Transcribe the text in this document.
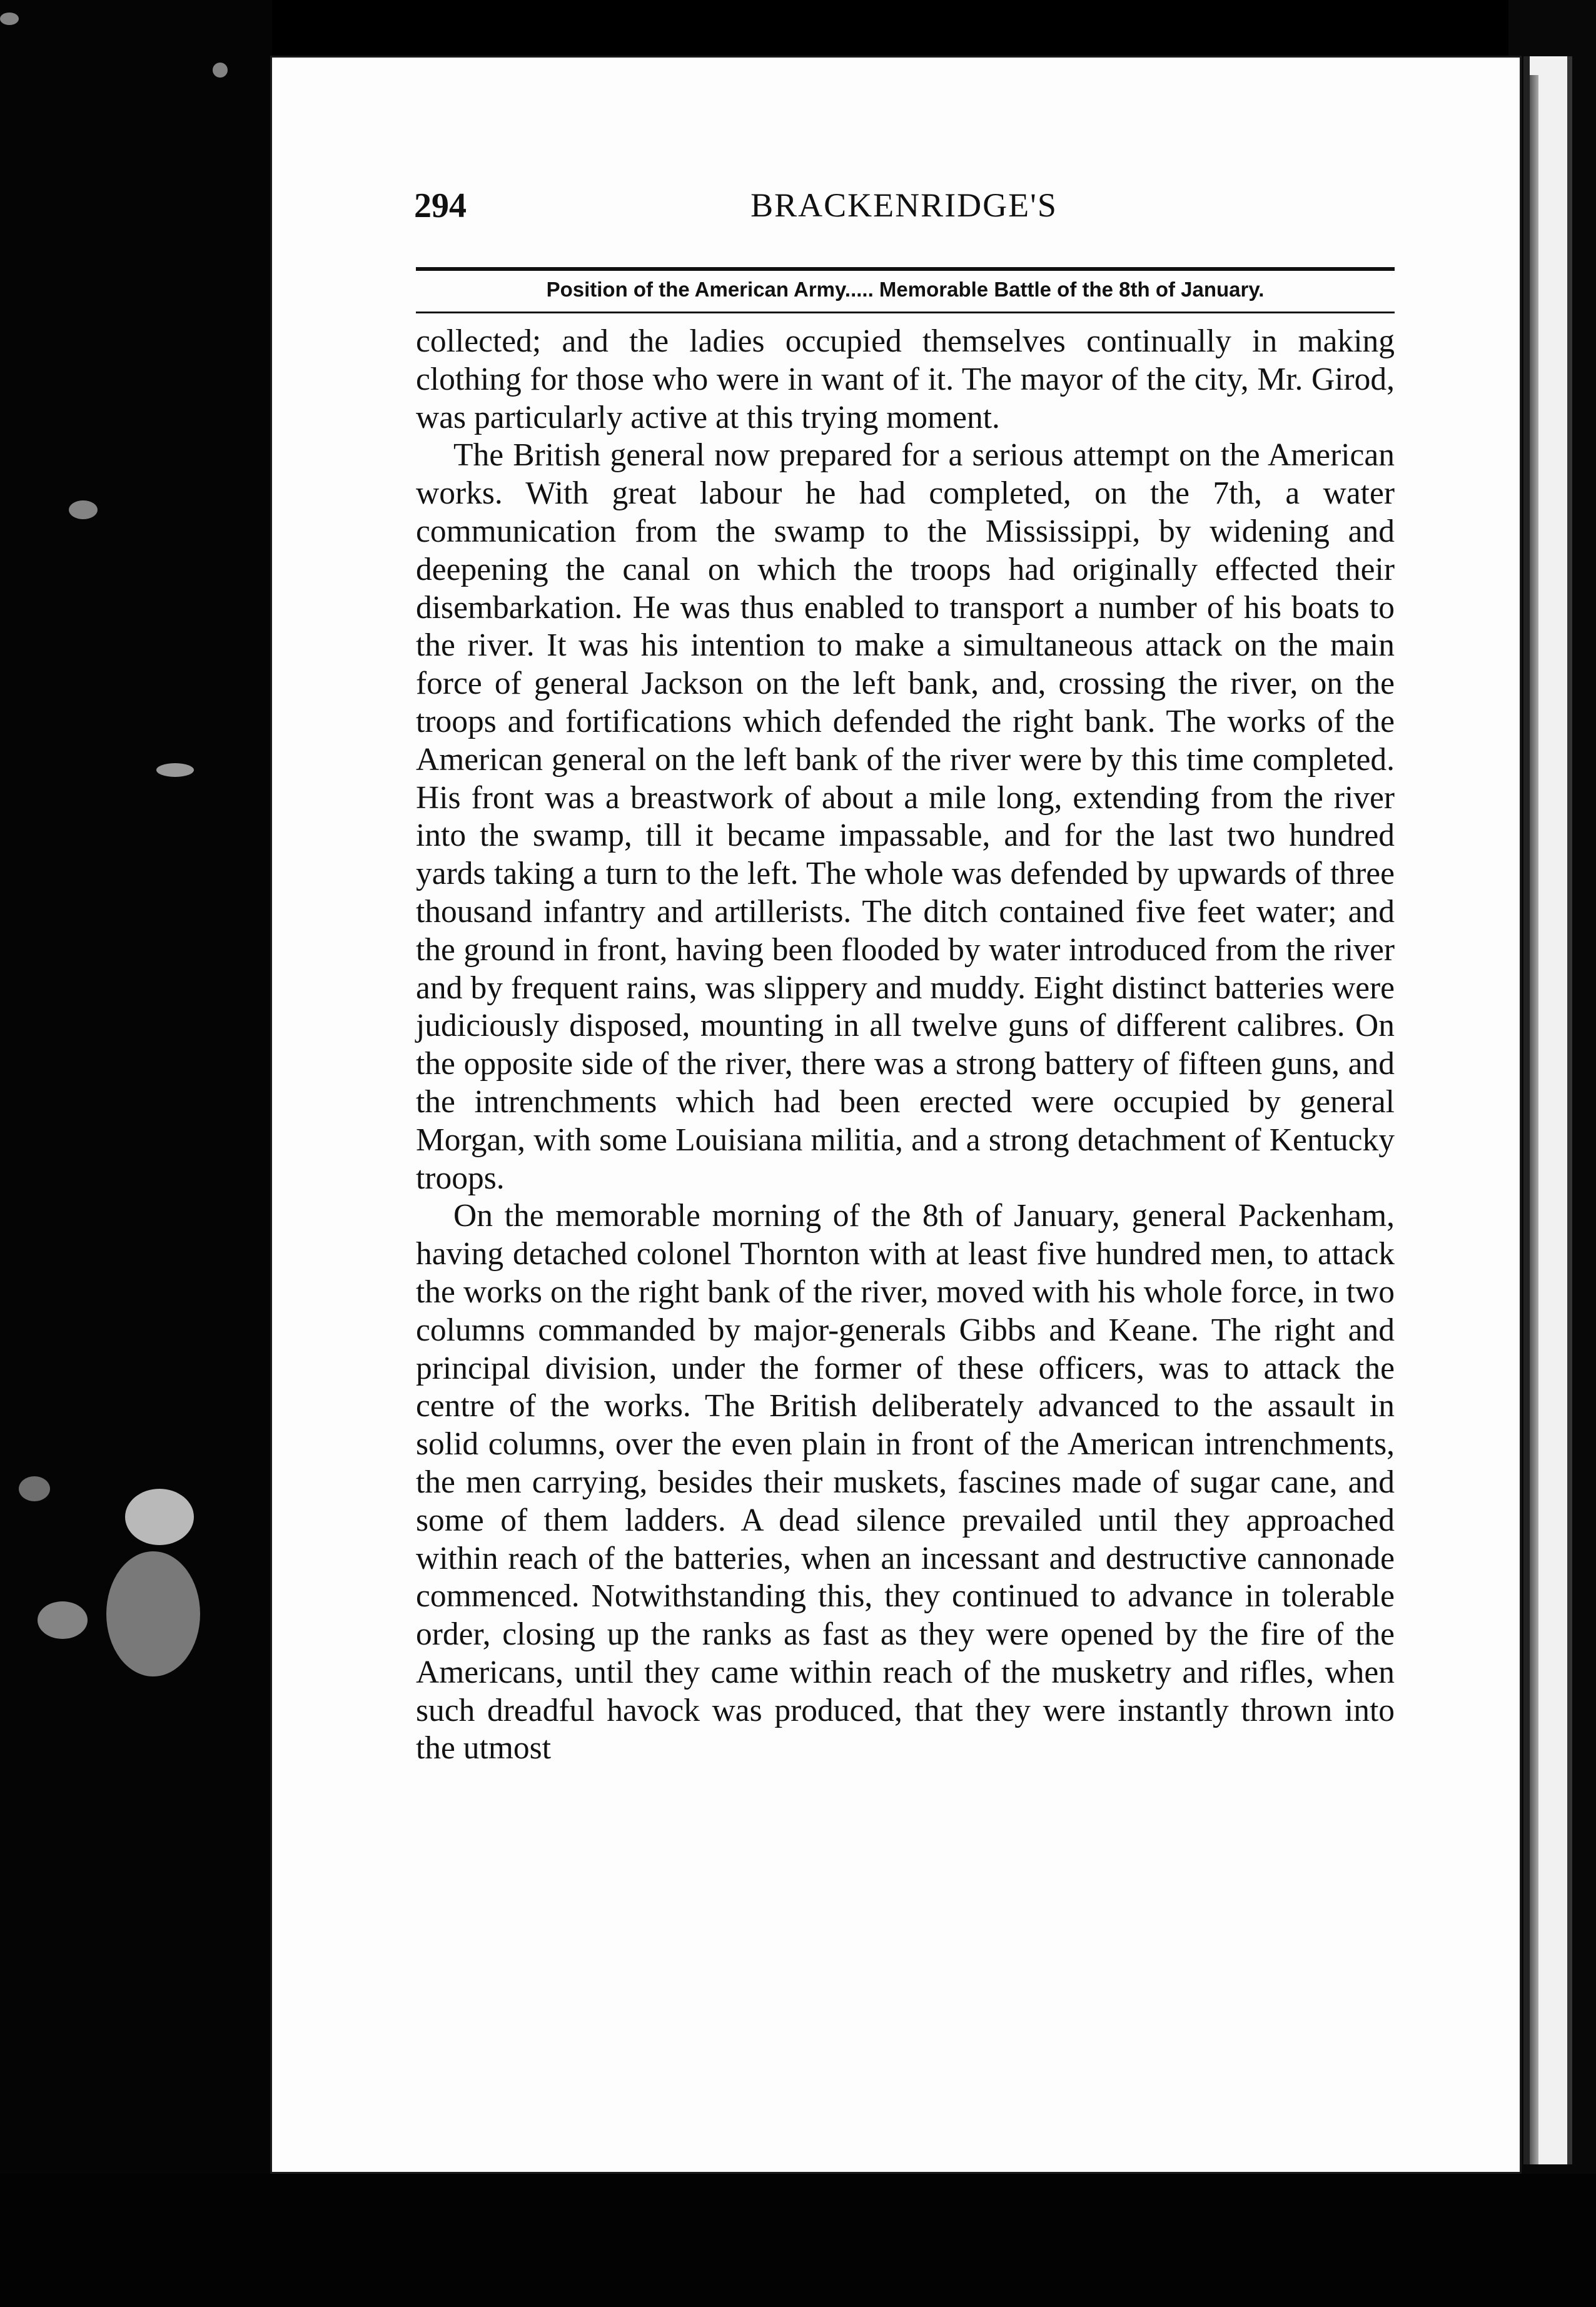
294	BRACKENRIDGE'S
Position of the American Army..... Memorable Battle of the 8th of January.

collected; and the ladies occupied themselves continually in making clothing for those who were in want of it. The mayor of the city, Mr. Girod, was particularly active at this trying moment.

The British general now prepared for a serious attempt on the American works. With great labour he had completed, on the 7th, a water communication from the swamp to the Mississippi, by widening and deepening the canal on which the troops had originally effected their disembarkation. He was thus enabled to transport a number of his boats to the river. It was his intention to make a simultaneous attack on the main force of general Jackson on the left bank, and, crossing the river, on the troops and fortifications which defended the right bank. The works of the American general on the left bank of the river were by this time completed. His front was a breastwork of about a mile long, extending from the river into the swamp, till it became impassable, and for the last two hundred yards taking a turn to the left. The whole was defended by upwards of three thousand infantry and artillerists. The ditch contained five feet water; and the ground in front, having been flooded by water introduced from the river and by frequent rains, was slippery and muddy. Eight distinct batteries were judiciously disposed, mounting in all twelve guns of different calibres. On the opposite side of the river, there was a strong battery of fifteen guns, and the intrenchments which had been erected were occupied by general Morgan, with some Louisiana militia, and a strong detachment of Kentucky troops.

On the memorable morning of the 8th of January, general Packenham, having detached colonel Thornton with at least five hundred men, to attack the works on the right bank of the river, moved with his whole force, in two columns commanded by major-generals Gibbs and Keane. The right and principal division, under the former of these officers, was to attack the centre of the works. The British deliberately advanced to the assault in solid columns, over the even plain in front of the American intrenchments, the men carrying, besides their muskets, fascines made of sugar cane, and some of them ladders. A dead silence prevailed until they approached within reach of the batteries, when an incessant and destructive cannonade commenced. Notwithstanding this, they continued to advance in tolerable order, closing up the ranks as fast as they were opened by the fire of the Americans, until they came within reach of the musketry and rifles, when such dreadful havock was produced, that they were instantly thrown into the utmost
